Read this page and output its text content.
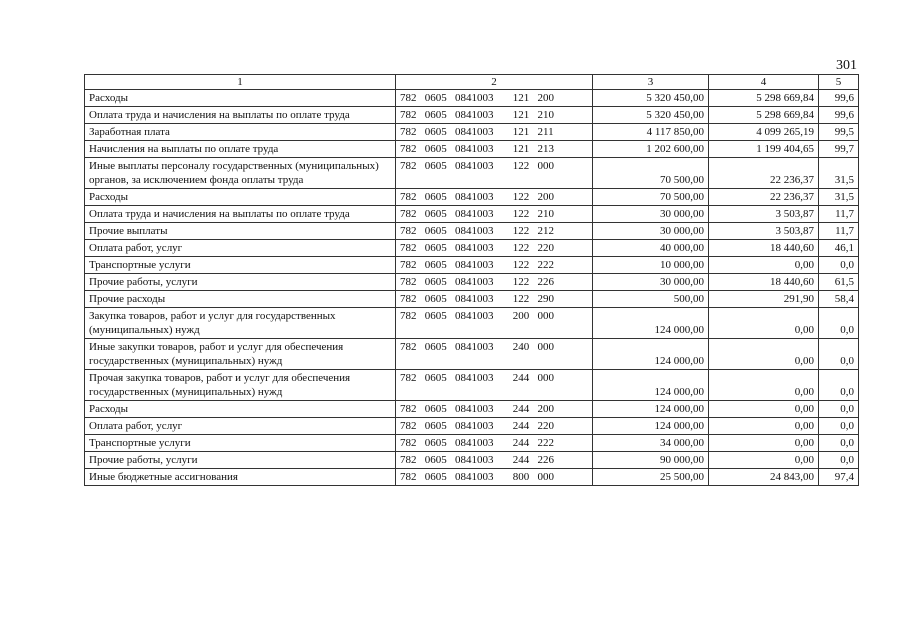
301
1	2	3	4	5
Расходы	782   0605   0841003       121   200	5 320 450,00	5 298 669,84	99,6
Оплата труда и начисления на выплаты по оплате труда	782   0605   0841003       121   210	5 320 450,00	5 298 669,84	99,6
Заработная плата	782   0605   0841003       121   211	4 117 850,00	4 099 265,19	99,5
Начисления на выплаты по оплате труда	782   0605   0841003       121   213	1 202 600,00	1 199 404,65	99,7
Иные выплаты персоналу государственных (муниципальных) органов, за исключением фонда оплаты труда	782   0605   0841003       122   000	70 500,00	22 236,37	31,5
Расходы	782   0605   0841003       122   200	70 500,00	22 236,37	31,5
Оплата труда и начисления на выплаты по оплате труда	782   0605   0841003       122   210	30 000,00	3 503,87	11,7
Прочие выплаты	782   0605   0841003       122   212	30 000,00	3 503,87	11,7
Оплата работ, услуг	782   0605   0841003       122   220	40 000,00	18 440,60	46,1
Транспортные услуги	782   0605   0841003       122   222	10 000,00	0,00	0,0
Прочие работы, услуги	782   0605   0841003       122   226	30 000,00	18 440,60	61,5
Прочие расходы	782   0605   0841003       122   290	500,00	291,90	58,4
Закупка товаров, работ и услуг для государственных (муниципальных) нужд	782   0605   0841003       200   000	124 000,00	0,00	0,0
Иные закупки товаров, работ и услуг для обеспечения государственных (муниципальных) нужд	782   0605   0841003       240   000	124 000,00	0,00	0,0
Прочая закупка товаров, работ и услуг для обеспечения государственных (муниципальных) нужд	782   0605   0841003       244   000	124 000,00	0,00	0,0
Расходы	782   0605   0841003       244   200	124 000,00	0,00	0,0
Оплата работ, услуг	782   0605   0841003       244   220	124 000,00	0,00	0,0
Транспортные услуги	782   0605   0841003       244   222	34 000,00	0,00	0,0
Прочие работы, услуги	782   0605   0841003       244   226	90 000,00	0,00	0,0
Иные бюджетные ассигнования	782   0605   0841003       800   000	25 500,00	24 843,00	97,4
